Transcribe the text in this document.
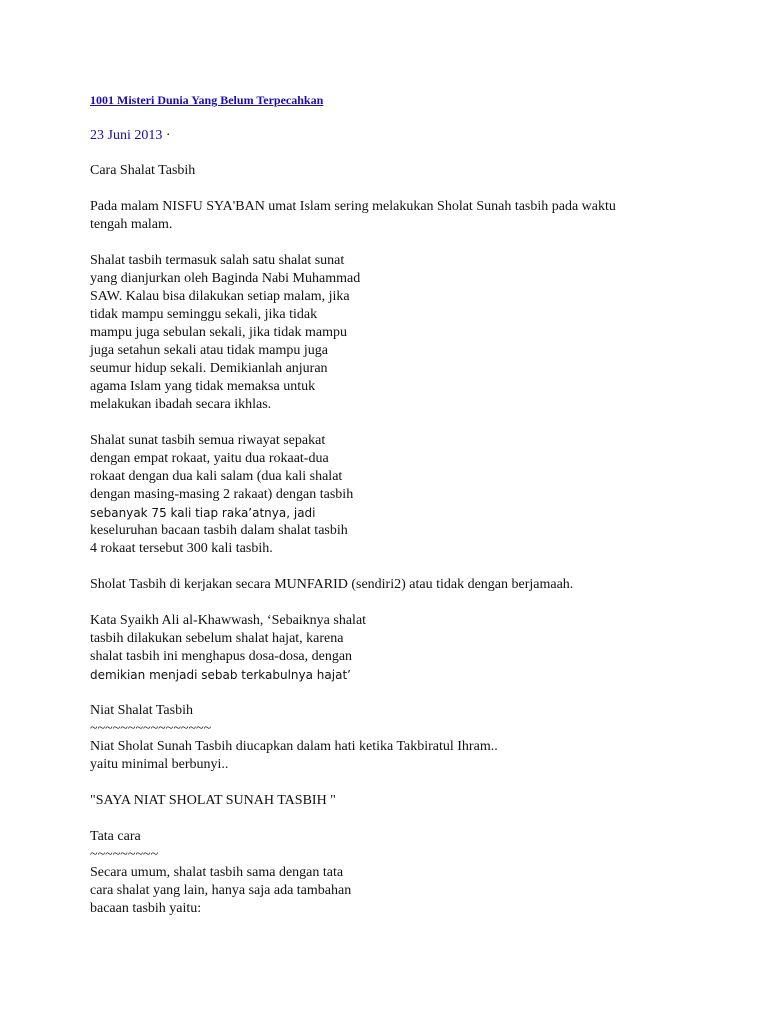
1001 Misteri Dunia Yang Belum Terpecahkan
23 Juni 2013 ·

Cara Shalat Tasbih

Pada malam NISFU SYA'BAN umat Islam sering melakukan Sholat Sunah tasbih pada waktu
tengah malam.

Shalat tasbih termasuk salah satu shalat sunat
yang dianjurkan oleh Baginda Nabi Muhammad
SAW. Kalau bisa dilakukan setiap malam, jika
tidak mampu seminggu sekali, jika tidak
mampu juga sebulan sekali, jika tidak mampu
juga setahun sekali atau tidak mampu juga
seumur hidup sekali. Demikianlah anjuran
agama Islam yang tidak memaksa untuk
melakukan ibadah secara ikhlas.

Shalat sunat tasbih semua riwayat sepakat
dengan empat rokaat, yaitu dua rokaat-dua
rokaat dengan dua kali salam (dua kali shalat
dengan masing-masing 2 rakaat) dengan tasbih
sebanyak 75 kali tiap raka’atnya, jadi
keseluruhan bacaan tasbih dalam shalat tasbih
4 rokaat tersebut 300 kali tasbih.

Sholat Tasbih di kerjakan secara MUNFARID (sendiri2) atau tidak dengan berjamaah.

Kata Syaikh Ali al-Khawwash, ‘Sebaiknya shalat
tasbih dilakukan sebelum shalat hajat, karena
shalat tasbih ini menghapus dosa-dosa, dengan
demikian menjadi sebab terkabulnya hajat’

Niat Shalat Tasbih
~~~~~~~~~~~~~~~~
Niat Sholat Sunah Tasbih diucapkan dalam hati ketika Takbiratul Ihram..
yaitu minimal berbunyi..

"SAYA NIAT SHOLAT SUNAH TASBIH "

Tata cara
~~~~~~~~~
Secara umum, shalat tasbih sama dengan tata
cara shalat yang lain, hanya saja ada tambahan
bacaan tasbih yaitu:
